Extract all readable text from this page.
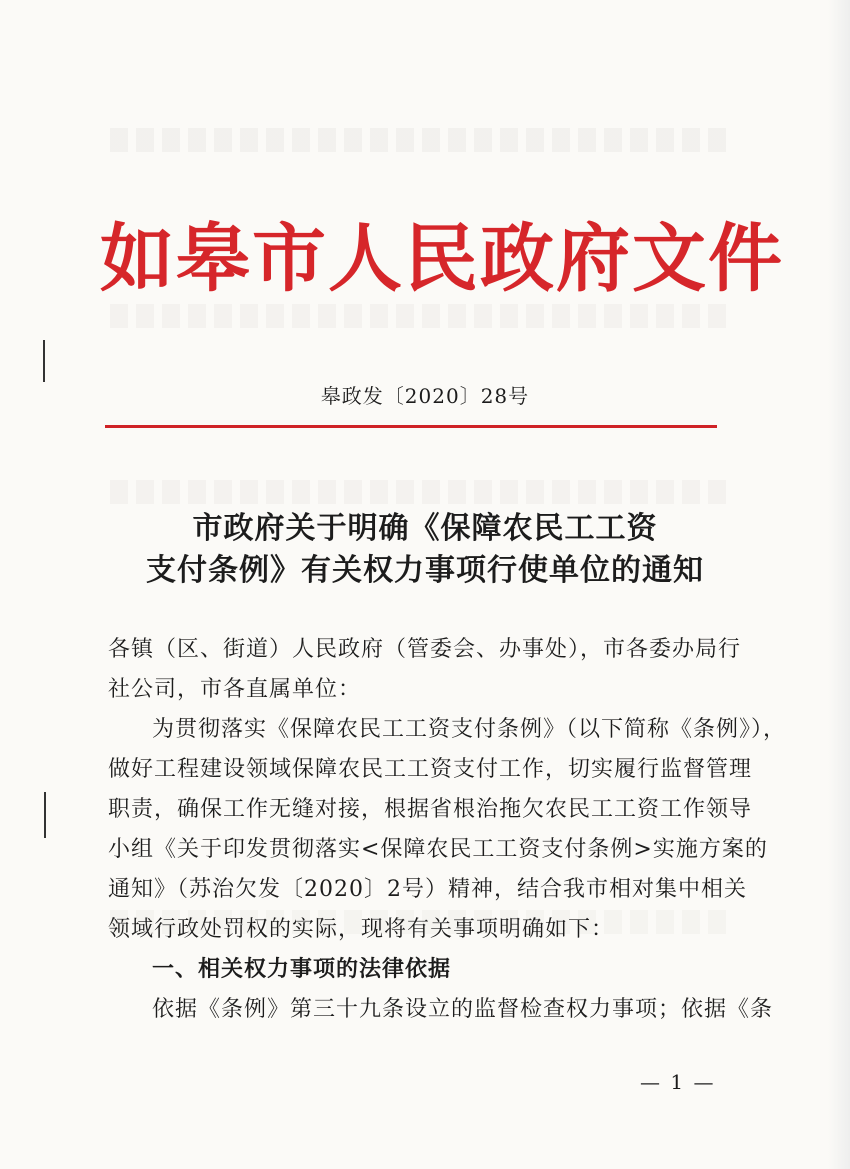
如皋市人民政府文件
皋政发〔2020〕28号
市政府关于明确《保障农民工工资
支付条例》有关权力事项行使单位的通知
各镇（区、街道）人民政府（管委会、办事处），市各委办局行
社公司，市各直属单位：
为贯彻落实《保障农民工工资支付条例》（以下简称《条例》），
做好工程建设领域保障农民工工资支付工作，切实履行监督管理
职责，确保工作无缝对接，根据省根治拖欠农民工工资工作领导
小组《关于印发贯彻落实<保障农民工工资支付条例>实施方案的
通知》（苏治欠发〔2020〕2号）精神，结合我市相对集中相关
领域行政处罚权的实际，现将有关事项明确如下：
一、相关权力事项的法律依据
依据《条例》第三十九条设立的监督检查权力事项；依据《条
— 1 —
